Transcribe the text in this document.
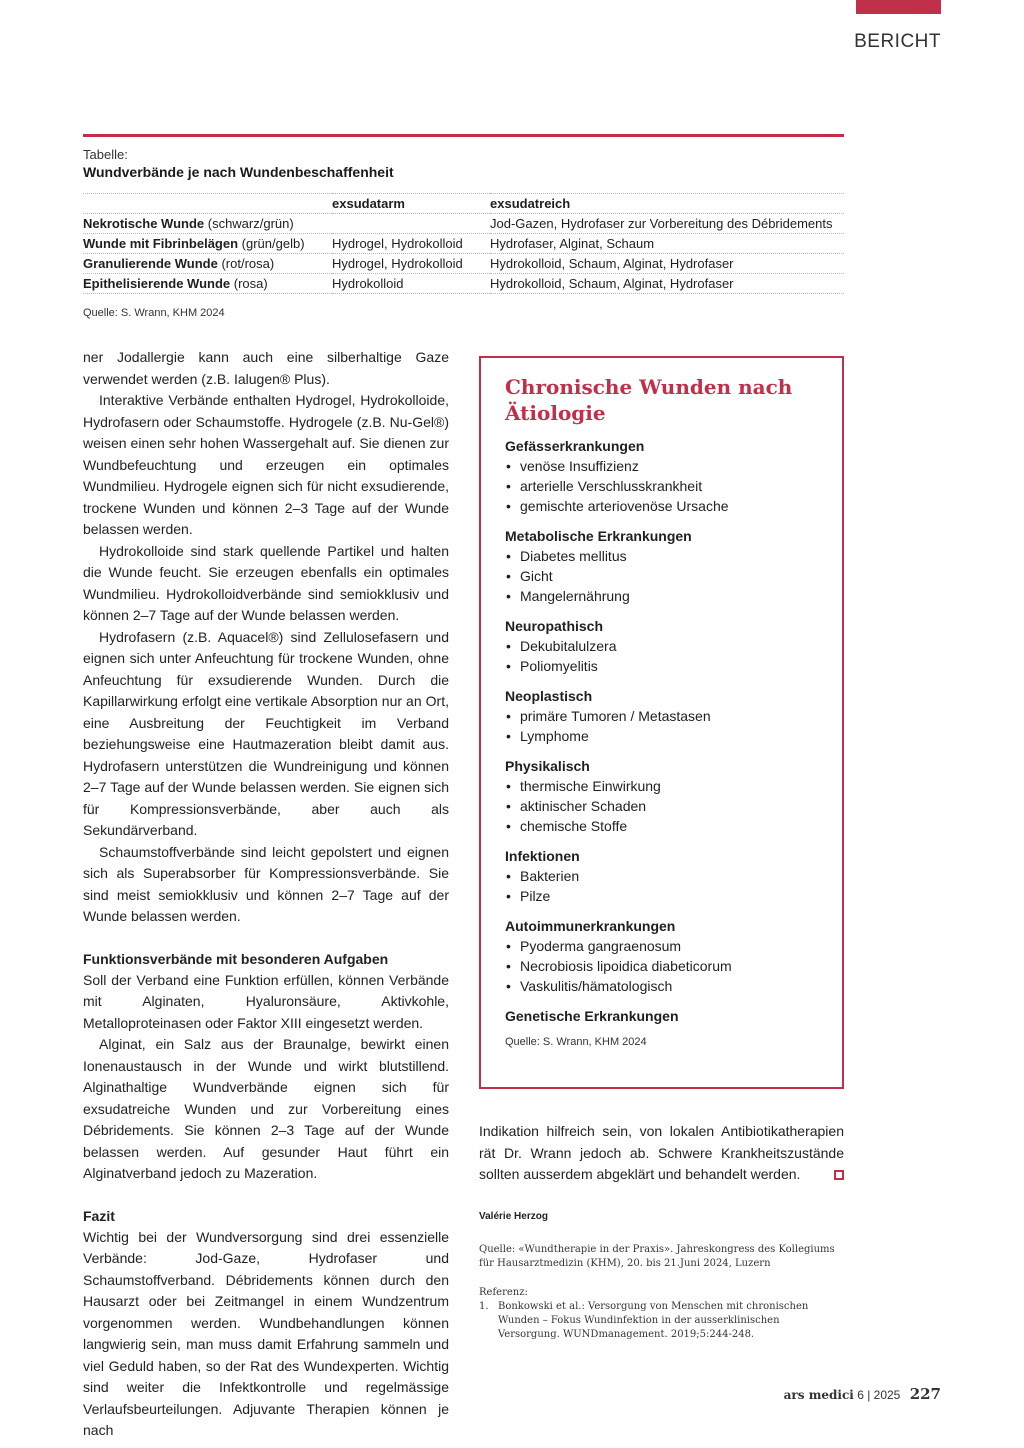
BERICHT
Tabelle:
Wundverbände je nach Wundenbeschaffenheit
	exsudatarm	exsudatreich
Nekrotische Wunde (schwarz/grün)		Jod-Gazen, Hydrofaser zur Vorbereitung des Débridements
Wunde mit Fibrinbelägen (grün/gelb)	Hydrogel, Hydrokolloid	Hydrofaser, Alginat, Schaum
Granulierende Wunde (rot/rosa)	Hydrogel, Hydrokolloid	Hydrokolloid, Schaum, Alginat, Hydrofaser
Epithelisierende Wunde (rosa)	Hydrokolloid	Hydrokolloid, Schaum, Alginat, Hydrofaser
Quelle: S. Wrann, KHM 2024

ner Jodallergie kann auch eine silberhaltige Gaze verwendet werden (z.B. Ialugen® Plus).

Interaktive Verbände enthalten Hydrogel, Hydrokolloide, Hydrofasern oder Schaumstoffe. Hydrogele (z.B. Nu-Gel®) weisen einen sehr hohen Wassergehalt auf. Sie dienen zur Wundbefeuchtung und erzeugen ein optimales Wundmilieu. Hydrogele eignen sich für nicht exsudierende, trockene Wunden und können 2–3 Tage auf der Wunde belassen werden.

Hydrokolloide sind stark quellende Partikel und halten die Wunde feucht. Sie erzeugen ebenfalls ein optimales Wundmilieu. Hydrokolloidverbände sind semiokklusiv und können 2–7 Tage auf der Wunde belassen werden.

Hydrofasern (z.B. Aquacel®) sind Zellulosefasern und eignen sich unter Anfeuchtung für trockene Wunden, ohne Anfeuchtung für exsudierende Wunden. Durch die Kapillarwirkung erfolgt eine vertikale Absorption nur an Ort, eine Ausbreitung der Feuchtigkeit im Verband beziehungsweise eine Hautmazeration bleibt damit aus. Hydrofasern unterstützen die Wundreinigung und können 2–7 Tage auf der Wunde belassen werden. Sie eignen sich für Kompressionsverbände, aber auch als Sekundärverband.

Schaumstoffverbände sind leicht gepolstert und eignen sich als Superabsorber für Kompressionsverbände. Sie sind meist semiokklusiv und können 2–7 Tage auf der Wunde belassen werden.

Funktionsverbände mit besonderen Aufgaben

Soll der Verband eine Funktion erfüllen, können Verbände mit Alginaten, Hyaluronsäure, Aktivkohle, Metalloproteinasen oder Faktor XIII eingesetzt werden.

Alginat, ein Salz aus der Braunalge, bewirkt einen Ionenaustausch in der Wunde und wirkt blutstillend. Alginathaltige Wundverbände eignen sich für exsudatreiche Wunden und zur Vorbereitung eines Débridements. Sie können 2–3 Tage auf der Wunde belassen werden. Auf gesunder Haut führt ein Alginatverband jedoch zu Mazeration.

Fazit

Wichtig bei der Wundversorgung sind drei essenzielle Verbände: Jod-Gaze, Hydrofaser und Schaumstoffverband. Débridements können durch den Hausarzt oder bei Zeitmangel in einem Wundzentrum vorgenommen werden. Wundbehandlungen können langwierig sein, man muss damit Erfahrung sammeln und viel Geduld haben, so der Rat des Wundexperten. Wichtig sind weiter die Infektkontrolle und regelmässige Verlaufsbeurteilungen. Adjuvante Therapien können je nach

Chronische Wunden nach Ätiologie
Gefässerkrankungen
• venöse Insuffizienz
• arterielle Verschlusskrankheit
• gemischte arteriovenöse Ursache
Metabolische Erkrankungen
• Diabetes mellitus
• Gicht
• Mangelernährung
Neuropathisch
• Dekubitalulzera
• Poliomyelitis
Neoplastisch
• primäre Tumoren / Metastasen
• Lymphome
Physikalisch
• thermische Einwirkung
• aktinischer Schaden
• chemische Stoffe
Infektionen
• Bakterien
• Pilze
Autoimmunerkrankungen
• Pyoderma gangraenosum
• Necrobiosis lipoidica diabeticorum
• Vaskulitis/hämatologisch
Genetische Erkrankungen
Quelle: S. Wrann, KHM 2024

Indikation hilfreich sein, von lokalen Antibiotikatherapien rät Dr. Wrann jedoch ab. Schwere Krankheitszustände sollten ausserdem abgeklärt und behandelt werden.

Valérie Herzog
Quelle: «Wundtherapie in der Praxis». Jahreskongress des Kollegiums für Hausarztmedizin (KHM), 20. bis 21.Juni 2024, Luzern
Referenz:
1. Bonkowski et al.: Versorgung von Menschen mit chronischen Wunden – Fokus Wundinfektion in der ausserklinischen Versorgung. WUNDmanagement. 2019;5:244-248.
ars medici 6 | 2025 227
